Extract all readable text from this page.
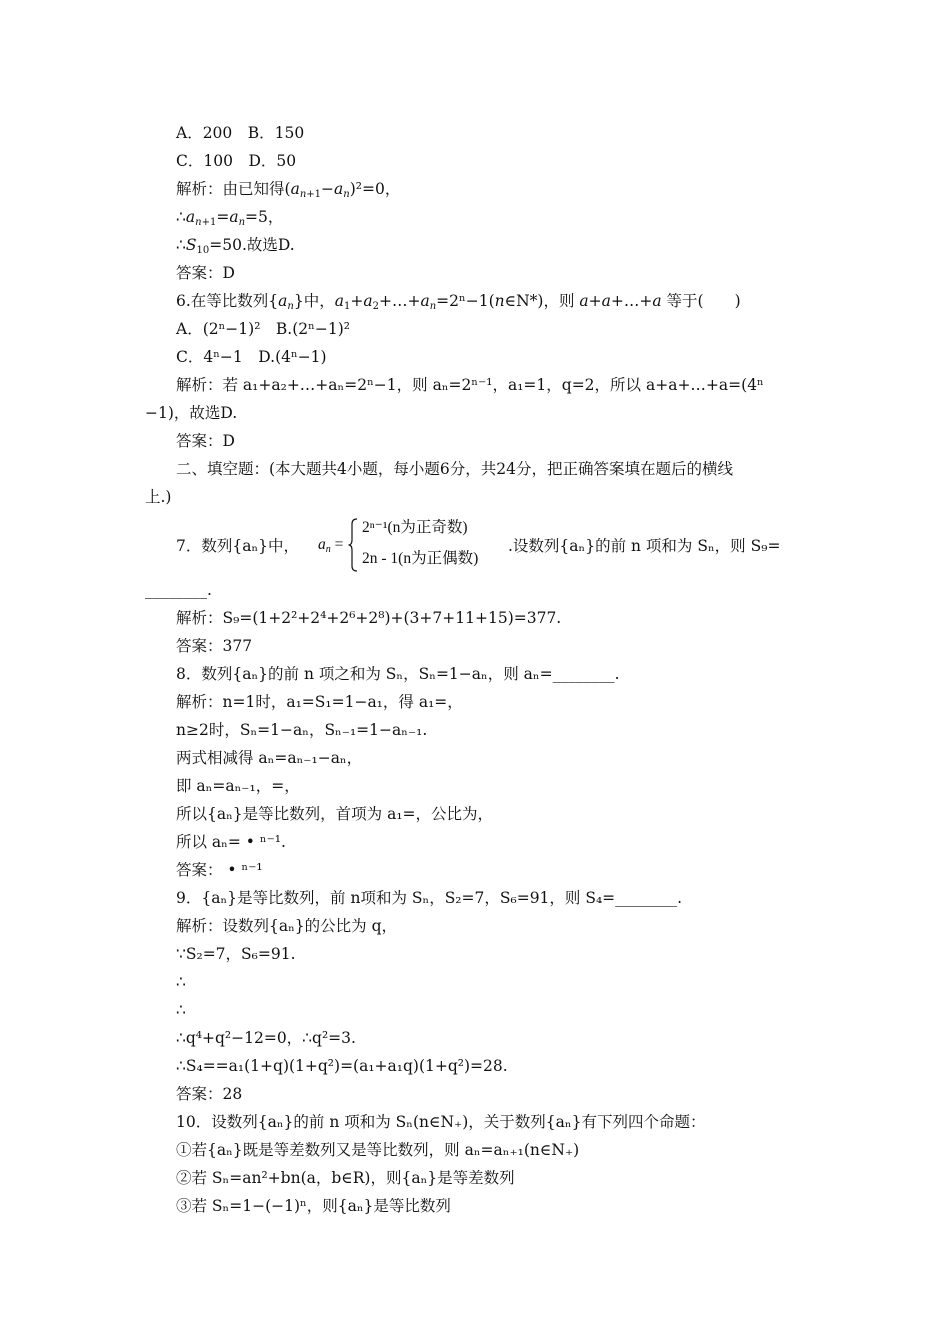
A．200　B．150
C．100　D．50
解析：由已知得$(a_{n+1}-a_n)^2=0$，
$\therefore a_{n+1}=a_n=5$，
$\therefore S_{10}=50$.故选D.
答案：D
6.在等比数列$\{a_n\}$中，$a_1+a_2+\dots+a_n=2^n-1(n\in N*)$，则 a+a+…+a 等于(　　)
A．(2ⁿ−1)²　B.(2ⁿ−1)²
C．4ⁿ−1　D.(4ⁿ−1)
解析：若 a₁+a₂+…+aₙ=2ⁿ−1，则 aₙ=2ⁿ⁻¹，a₁=1，q=2，所以 a+a+…+a=(4ⁿ
−1)，故选D.
答案：D
二、填空题：(本大题共4小题，每小题6分，共24分，把正确答案填在题后的横线
上.)
7．数列{aₙ}中， $a_n$ =
2ⁿ⁻¹(n为正奇数)
2n - 1(n为正偶数)
.设数列{aₙ}的前 n 项和为 Sₙ，则 S₉=
________.
解析：S₉=(1+2²+2⁴+2⁶+2⁸)+(3+7+11+15)=377.
答案：377
8．数列{aₙ}的前 n 项之和为 Sₙ，Sₙ=1−aₙ，则 aₙ=________.
解析：n=1时，a₁=S₁=1−a₁，得 a₁=，
n≥2时，Sₙ=1−aₙ，Sₙ₋₁=1−aₙ₋₁.
两式相减得 aₙ=aₙ₋₁−aₙ，
即 aₙ=aₙ₋₁，=，
所以{aₙ}是等比数列，首项为 a₁=，公比为，
所以 aₙ= • ⁿ⁻¹.
答案： • ⁿ⁻¹
9．{aₙ}是等比数列，前 n项和为 Sₙ，S₂=7，S₆=91，则 S₄=________.
解析：设数列{aₙ}的公比为 q，
∵S₂=7，S₆=91.
∴
∴
∴q⁴+q²−12=0，∴q²=3.
∴S₄==a₁(1+q)(1+q²)=(a₁+a₁q)(1+q²)=28.
答案：28
10．设数列{aₙ}的前 n 项和为 Sₙ(n∈N₊)，关于数列{aₙ}有下列四个命题：
①若{aₙ}既是等差数列又是等比数列，则 aₙ=aₙ₊₁(n∈N₊)
②若 Sₙ=an²+bn(a，b∈R)，则{aₙ}是等差数列
③若 Sₙ=1−(−1)ⁿ，则{aₙ}是等比数列
